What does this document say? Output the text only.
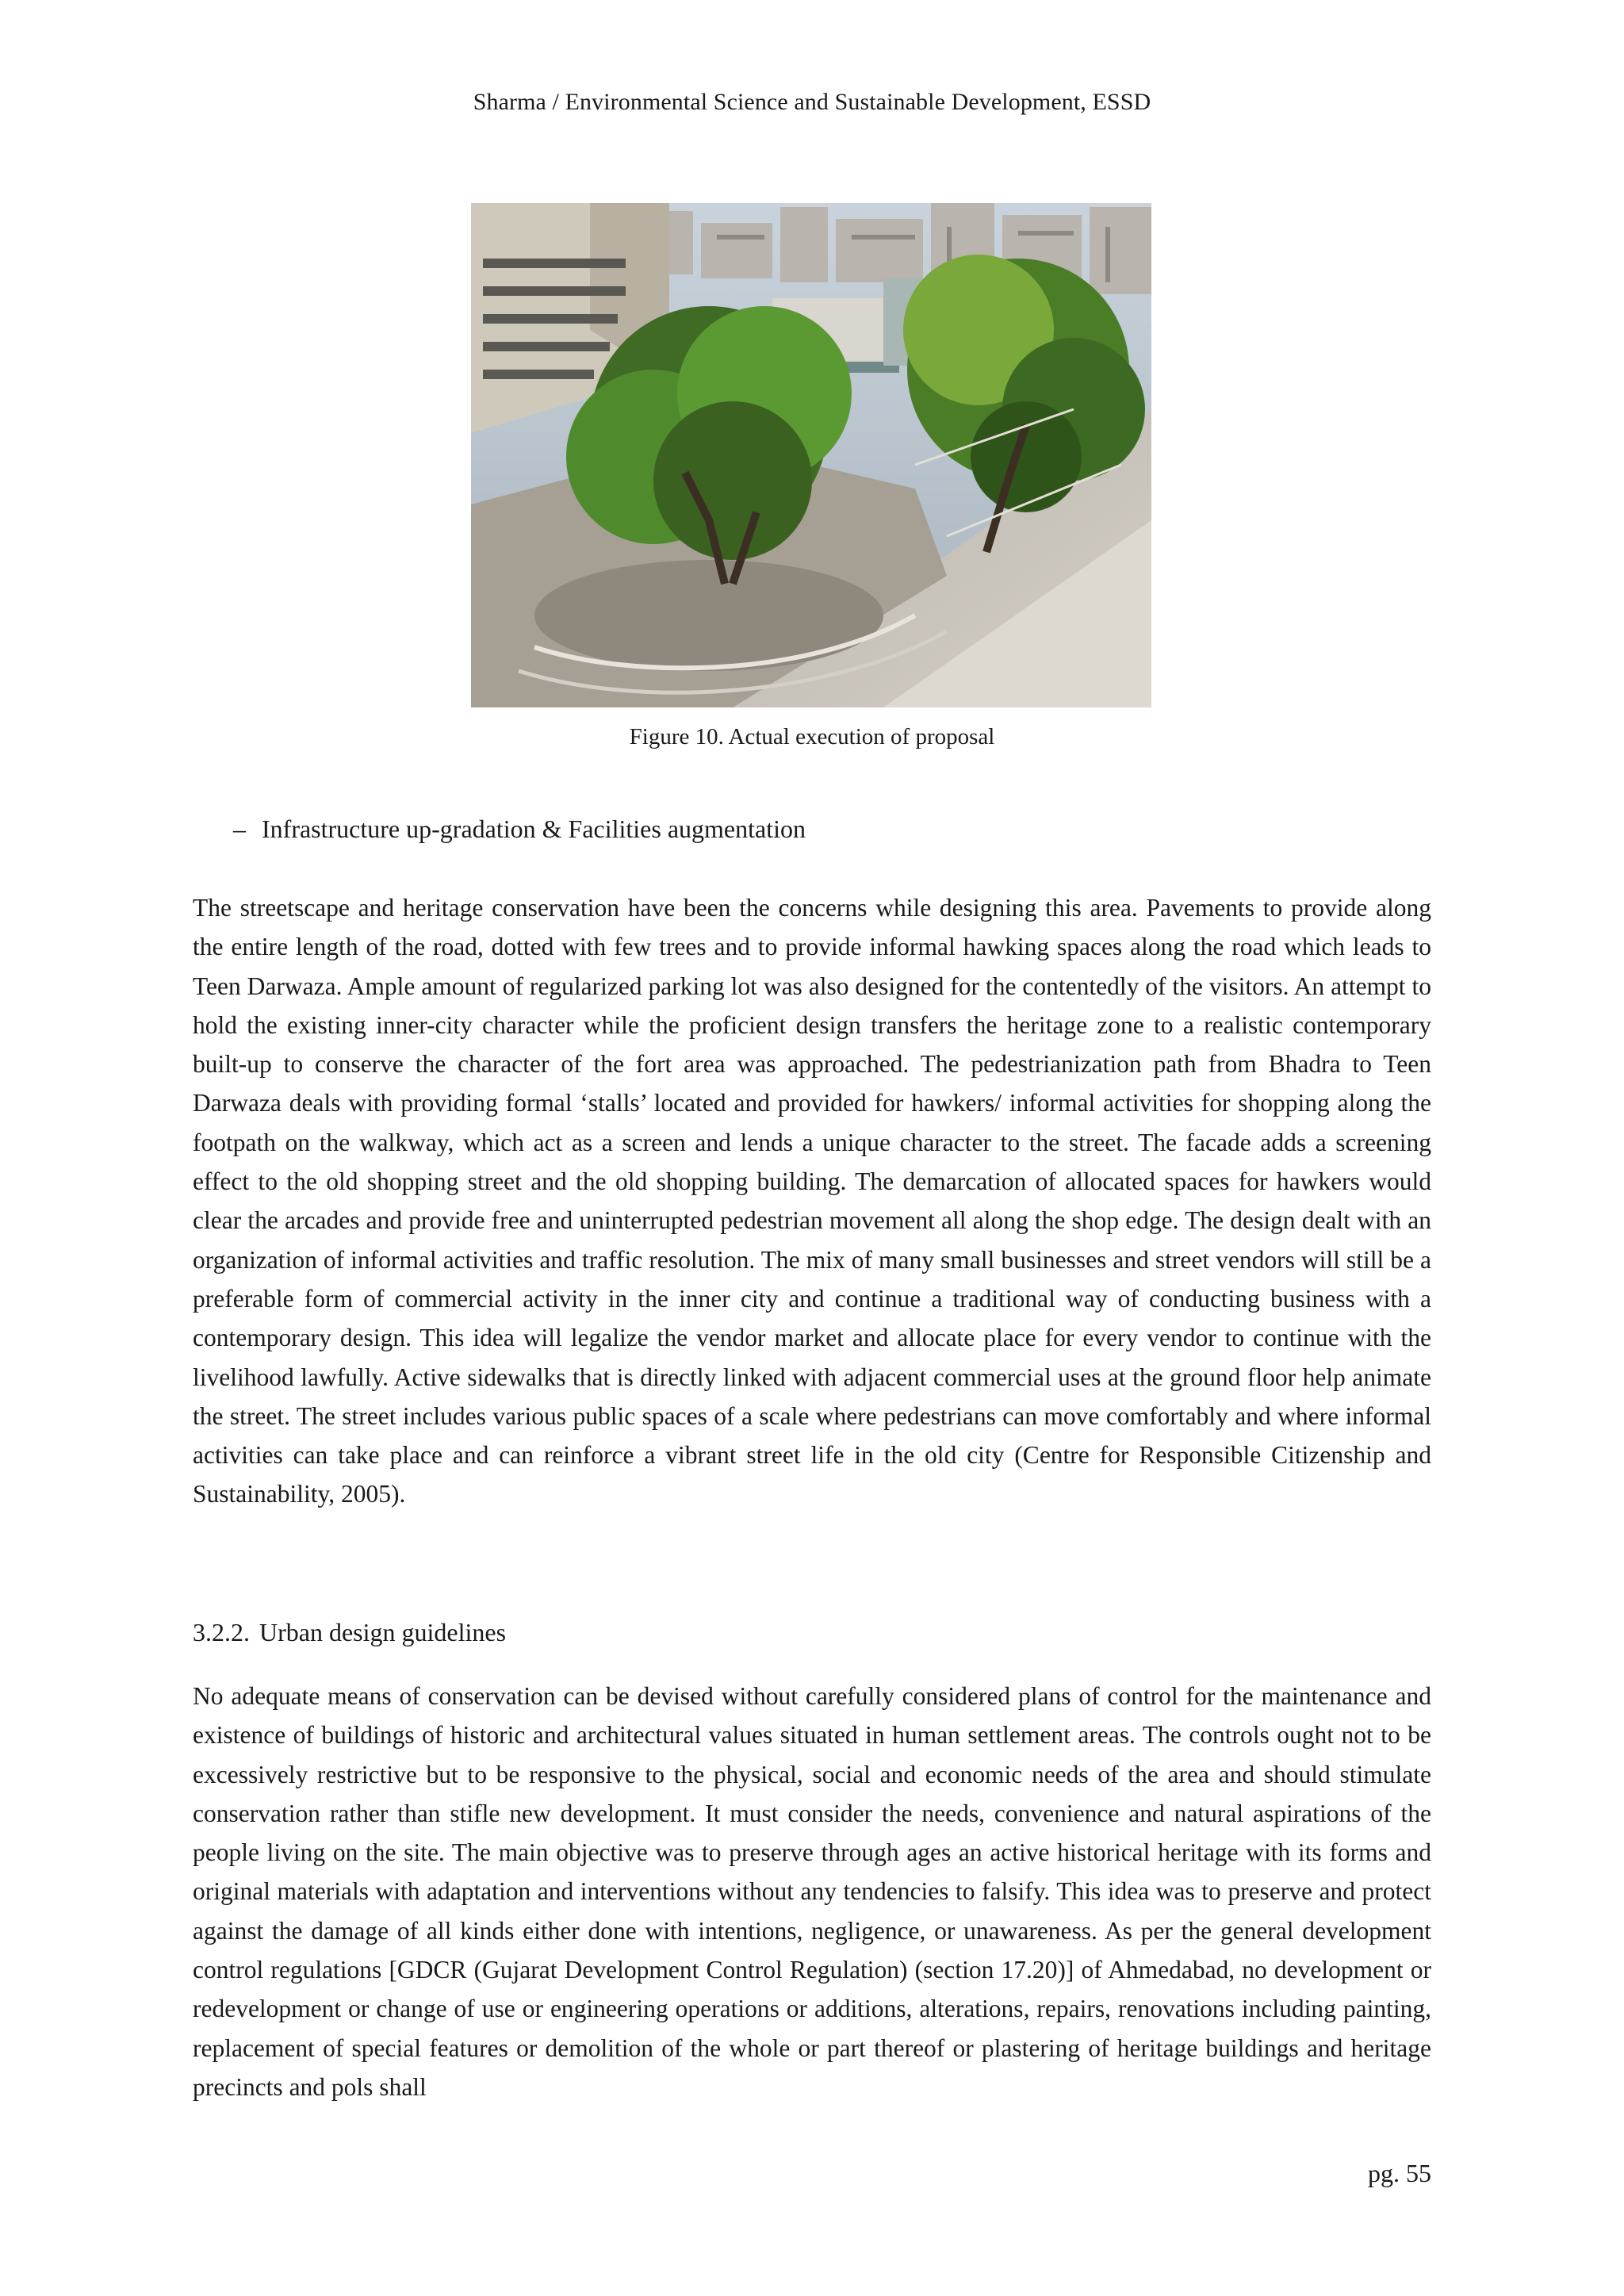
Sharma / Environmental Science and Sustainable Development, ESSD
Figure 10. Actual execution of proposal
– Infrastructure up-gradation & Facilities augmentation
The streetscape and heritage conservation have been the concerns while designing this area. Pavements to provide along the entire length of the road, dotted with few trees and to provide informal hawking spaces along the road which leads to Teen Darwaza. Ample amount of regularized parking lot was also designed for the contentedly of the visitors. An attempt to hold the existing inner-city character while the proficient design transfers the heritage zone to a realistic contemporary built-up to conserve the character of the fort area was approached. The pedestrianization path from Bhadra to Teen Darwaza deals with providing formal ‘stalls’ located and provided for hawkers/ informal activities for shopping along the footpath on the walkway, which act as a screen and lends a unique character to the street. The facade adds a screening effect to the old shopping street and the old shopping building. The demarcation of allocated spaces for hawkers would clear the arcades and provide free and uninterrupted pedestrian movement all along the shop edge. The design dealt with an organization of informal activities and traffic resolution. The mix of many small businesses and street vendors will still be a preferable form of commercial activity in the inner city and continue a traditional way of conducting business with a contemporary design. This idea will legalize the vendor market and allocate place for every vendor to continue with the livelihood lawfully. Active sidewalks that is directly linked with adjacent commercial uses at the ground floor help animate the street. The street includes various public spaces of a scale where pedestrians can move comfortably and where informal activities can take place and can reinforce a vibrant street life in the old city (Centre for Responsible Citizenship and Sustainability, 2005).
3.2.2. Urban design guidelines
No adequate means of conservation can be devised without carefully considered plans of control for the maintenance and existence of buildings of historic and architectural values situated in human settlement areas. The controls ought not to be excessively restrictive but to be responsive to the physical, social and economic needs of the area and should stimulate conservation rather than stifle new development. It must consider the needs, convenience and natural aspirations of the people living on the site. The main objective was to preserve through ages an active historical heritage with its forms and original materials with adaptation and interventions without any tendencies to falsify. This idea was to preserve and protect against the damage of all kinds either done with intentions, negligence, or unawareness. As per the general development control regulations [GDCR (Gujarat Development Control Regulation) (section 17.20)] of Ahmedabad, no development or redevelopment or change of use or engineering operations or additions, alterations, repairs, renovations including painting, replacement of special features or demolition of the whole or part thereof or plastering of heritage buildings and heritage precincts and pols shall
pg. 55
